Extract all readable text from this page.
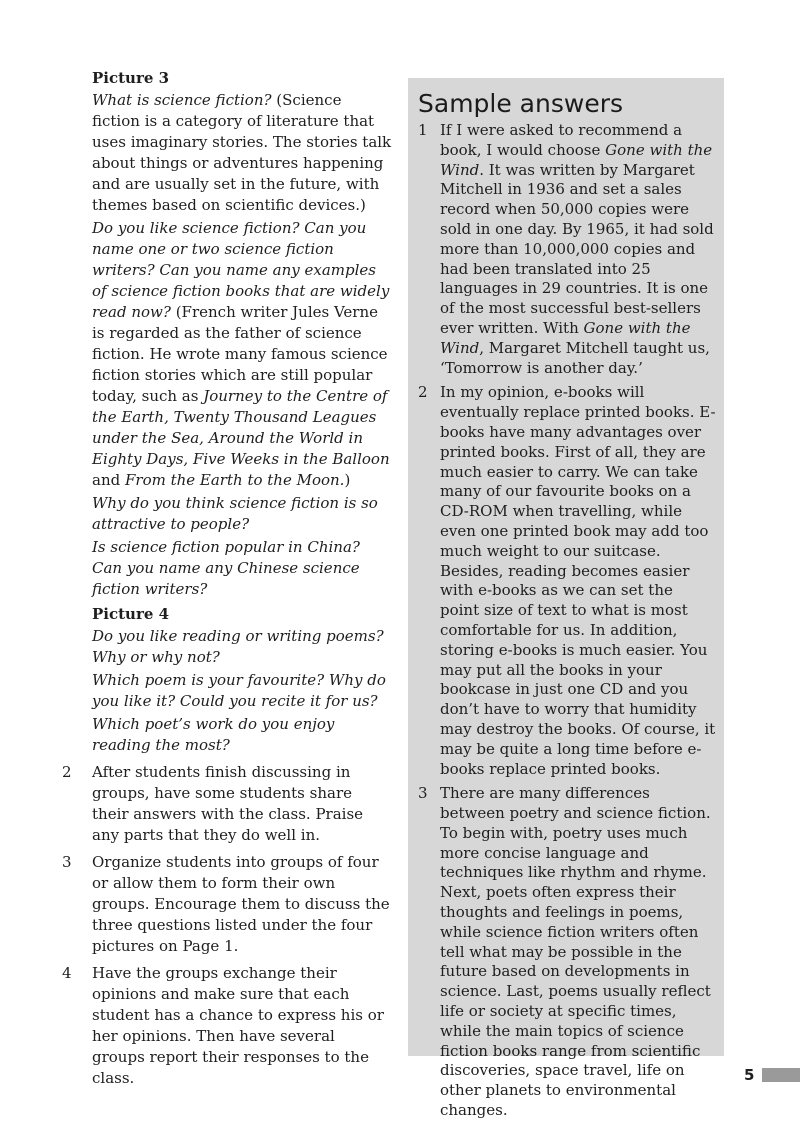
Picture 3
What is science fiction? (Science fiction is a category of literature that uses imaginary stories. The stories talk about things or adventures happening and are usually set in the future, with themes based on scientific devices.)
Do you like science fiction? Can you name one or two science fiction writers? Can you name any examples of science fiction books that are widely read now? (French writer Jules Verne is regarded as the father of science fiction. He wrote many famous science fiction stories which are still popular today, such as Journey to the Centre of the Earth, Twenty Thousand Leagues under the Sea, Around the World in Eighty Days, Five Weeks in the Balloon and From the Earth to the Moon.)
Why do you think science fiction is so attractive to people?
Is science fiction popular in China? Can you name any Chinese science fiction writers?
Picture 4
Do you like reading or writing poems? Why or why not?
Which poem is your favourite? Why do you like it? Could you recite it for us?
Which poet’s work do you enjoy reading the most?
2	After students finish discussing in groups, have some students share their answers with the class. Praise any parts that they do well in.
3	Organize students into groups of four or allow them to form their own groups. Encourage them to discuss the three questions listed under the four pictures on Page 1.
4	Have the groups exchange their opinions and make sure that each student has a chance to express his or her opinions. Then have several groups report their responses to the class.
Sample answers
1 If I were asked to recommend a book, I would choose Gone with the Wind. It was written by Margaret Mitchell in 1936 and set a sales record when 50,000 copies were sold in one day. By 1965, it had sold more than 10,000,000 copies and had been translated into 25 languages in 29 countries. It is one of the most successful best-sellers ever written. With Gone with the Wind, Margaret Mitchell taught us, ‘Tomorrow is another day.’
2 In my opinion, e-books will eventually replace printed books. E-books have many advantages over printed books. First of all, they are much easier to carry. We can take many of our favourite books on a CD-ROM when travelling, while even one printed book may add too much weight to our suitcase. Besides, reading becomes easier with e-books as we can set the point size of text to what is most comfortable for us. In addition, storing e-books is much easier. You may put all the books in your bookcase in just one CD and you don’t have to worry that humidity may destroy the books. Of course, it may be quite a long time before e-books replace printed books.
3 There are many differences between poetry and science fiction. To begin with, poetry uses much more concise language and techniques like rhythm and rhyme. Next, poets often express their thoughts and feelings in poems, while science fiction writers often tell what may be possible in the future based on developments in science. Last, poems usually reflect life or society at specific times, while the main topics of science fiction books range from scientific discoveries, space travel, life on other planets to environmental changes.
5
